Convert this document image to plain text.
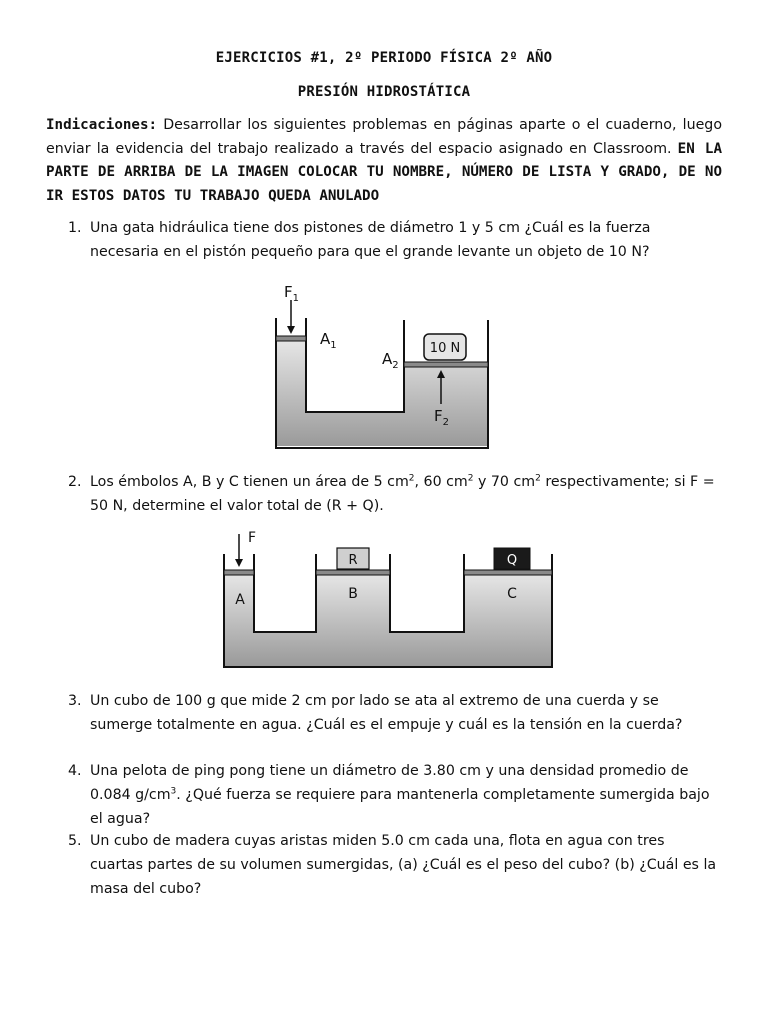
EJERCICIOS #1, 2º PERIODO FÍSICA 2º AÑO
PRESIÓN HIDROSTÁTICA
Indicaciones: Desarrollar los siguientes problemas en páginas aparte o el cuaderno, luego enviar la evidencia del trabajo realizado a través del espacio asignado en Classroom. EN LA PARTE DE ARRIBA DE LA IMAGEN COLOCAR TU NOMBRE, NÚMERO DE LISTA Y GRADO, DE NO IR ESTOS DATOS TU TRABAJO QUEDA ANULADO
1. Una gata hidráulica tiene dos pistones de diámetro 1 y 5 cm ¿Cuál es la fuerza necesaria en el pistón pequeño para que el grande levante un objeto de 10 N?
10 N
$F_1$
$A_1$
$A_2$
$F_2$
2. Los émbolos A, B y C tienen un área de 5 $cm^2$, 60 $cm^2$ y 70 $cm^2$ respectivamente; si F = 50 N, determine el valor total de (R + Q).
R	Q
F
A	B	C
3. Un cubo de 100 g que mide 2 cm por lado se ata al extremo de una cuerda y se sumerge totalmente en agua. ¿Cuál es el empuje y cuál es la tensión en la cuerda?
4. Una pelota de ping pong tiene un diámetro de 3.80 cm y una densidad promedio de 0.084 $g/cm^3$. ¿Qué fuerza se requiere para mantenerla completamente sumergida bajo el agua?
5. Un cubo de madera cuyas aristas miden 5.0 cm cada una, flota en agua con tres cuartas partes de su volumen sumergidas, (a) ¿Cuál es el peso del cubo? (b) ¿Cuál es la masa del cubo?
